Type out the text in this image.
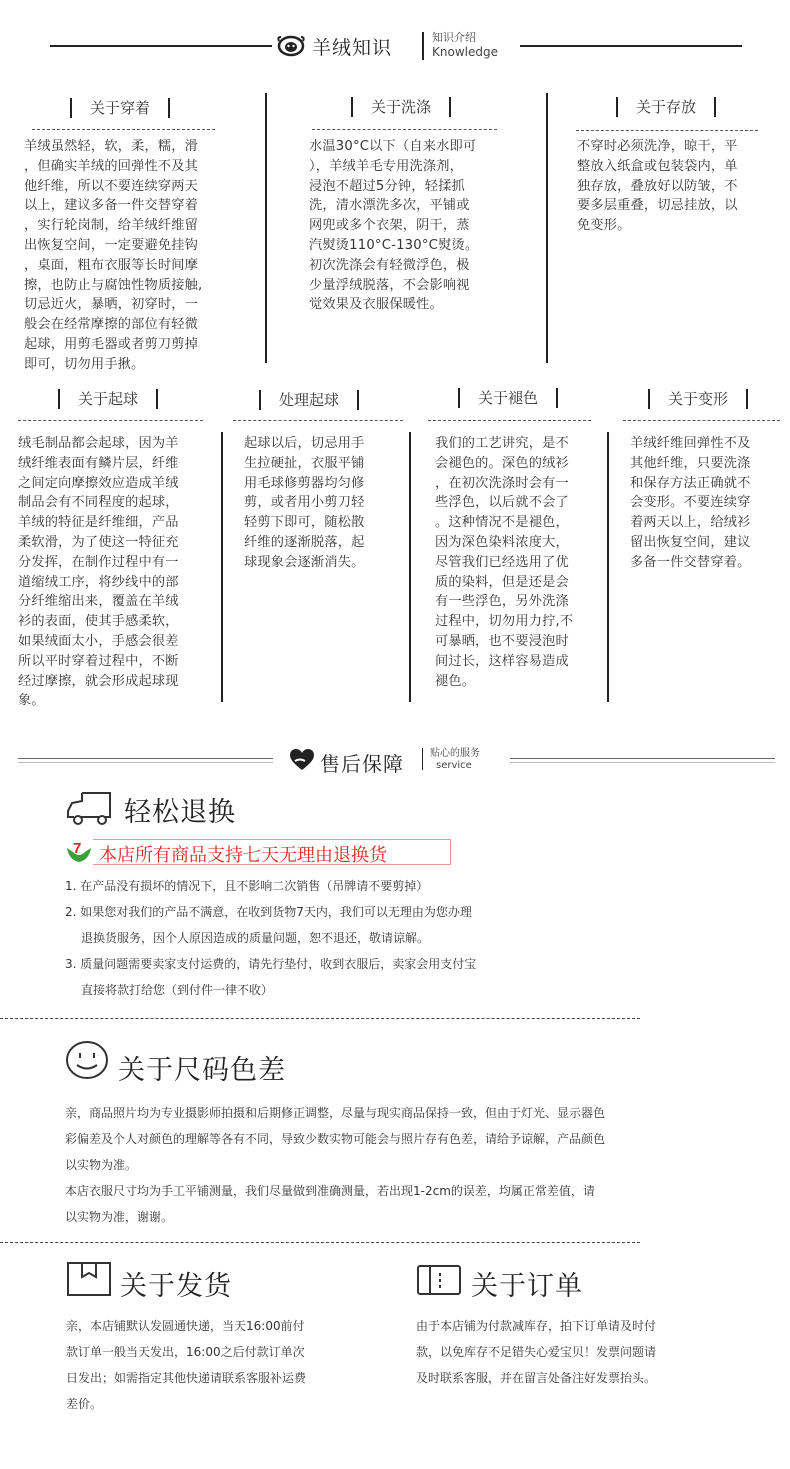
羊绒知识	知识介绍
Knowledge
关于穿着
羊绒虽然轻，软，柔，糯，滑
，但确实羊绒的回弹性不及其
他纤维，所以不要连续穿两天
以上，建议多备一件交替穿着
，实行轮岗制，给羊绒纤维留
出恢复空间，一定要避免挂钩
，桌面，粗布衣服等长时间摩
擦，也防止与腐蚀性物质接触,
切忌近火，暴晒，初穿时，一
般会在经常摩擦的部位有轻微
起球，用剪毛器或者剪刀剪掉
即可，切勿用手揪。
关于洗涤
水温30°C以下（自来水即可
），羊绒羊毛专用洗涤剂，
浸泡不超过5分钟，轻揉抓
洗，清水漂洗多次，平铺或
网兜或多个衣架，阴干，蒸
汽熨烫110°C-130°C熨烫。
初次洗涤会有轻微浮色，极
少量浮绒脱落，不会影响视
觉效果及衣服保暖性。
关于存放
不穿时必须洗净，晾干，平
整放入纸盒或包装袋内，单
独存放，叠放好以防皱，不
要多层重叠，切忌挂放，以
免变形。
关于起球
绒毛制品都会起球，因为羊
绒纤维表面有鳞片层，纤维
之间定向摩擦效应造成羊绒
制品会有不同程度的起球，
羊绒的特征是纤维细，产品
柔软滑，为了使这一特征充
分发挥，在制作过程中有一
道缩绒工序，将纱线中的部
分纤维缩出来，覆盖在羊绒
衫的表面，使其手感柔软，
如果绒面太小，手感会很差
所以平时穿着过程中，不断
经过摩擦，就会形成起球现
象。
处理起球
起球以后，切忌用手
生拉硬扯，衣服平铺
用毛球修剪器均匀修
剪，或者用小剪刀轻
轻剪下即可，随松散
纤维的逐渐脱落，起
球现象会逐渐消失。
关于褪色
我们的工艺讲究，是不
会褪色的。深色的绒衫
，在初次洗涤时会有一
些浮色，以后就不会了
。这种情况不是褪色，
因为深色染料浓度大，
尽管我们已经选用了优
质的染料，但是还是会
有一些浮色，另外洗涤
过程中，切勿用力拧,不
可暴晒，也不要浸泡时
间过长，这样容易造成
褪色。
关于变形
羊绒纤维回弹性不及
其他纤维，只要洗涤
和保存方法正确就不
会变形。不要连续穿
着两天以上，给绒衫
留出恢复空间，建议
多备一件交替穿着。
售后保障	贴心的服务
service
轻松退换
7 本店所有商品支持七天无理由退换货
1. 在产品没有损坏的情况下，且不影响二次销售（吊牌请不要剪掉）
2. 如果您对我们的产品不满意，在收到货物7天内，我们可以无理由为您办理
退换货服务，因个人原因造成的质量问题，恕不退还，敬请谅解。
3. 质量问题需要卖家支付运费的，请先行垫付，收到衣服后，卖家会用支付宝
直接将款打给您（到付件一律不收）
关于尺码色差
亲，商品照片均为专业摄影师拍摄和后期修正调整，尽量与现实商品保持一致，但由于灯光、显示器色
彩偏差及个人对颜色的理解等各有不同，导致少数实物可能会与照片存有色差，请给予谅解，产品颜色
以实物为准。
本店衣服尺寸均为手工平铺测量，我们尽量做到准确测量，若出现1-2cm的误差，均属正常差值，请
以实物为准，谢谢。
关于发货
亲，本店铺默认发圆通快递，当天16:00前付
款订单一般当天发出，16:00之后付款订单次
日发出；如需指定其他快递请联系客服补运费
差价。
关于订单
由于本店铺为付款减库存，拍下订单请及时付
款，以免库存不足错失心爱宝贝！发票问题请
及时联系客服，并在留言处备注好发票抬头。
